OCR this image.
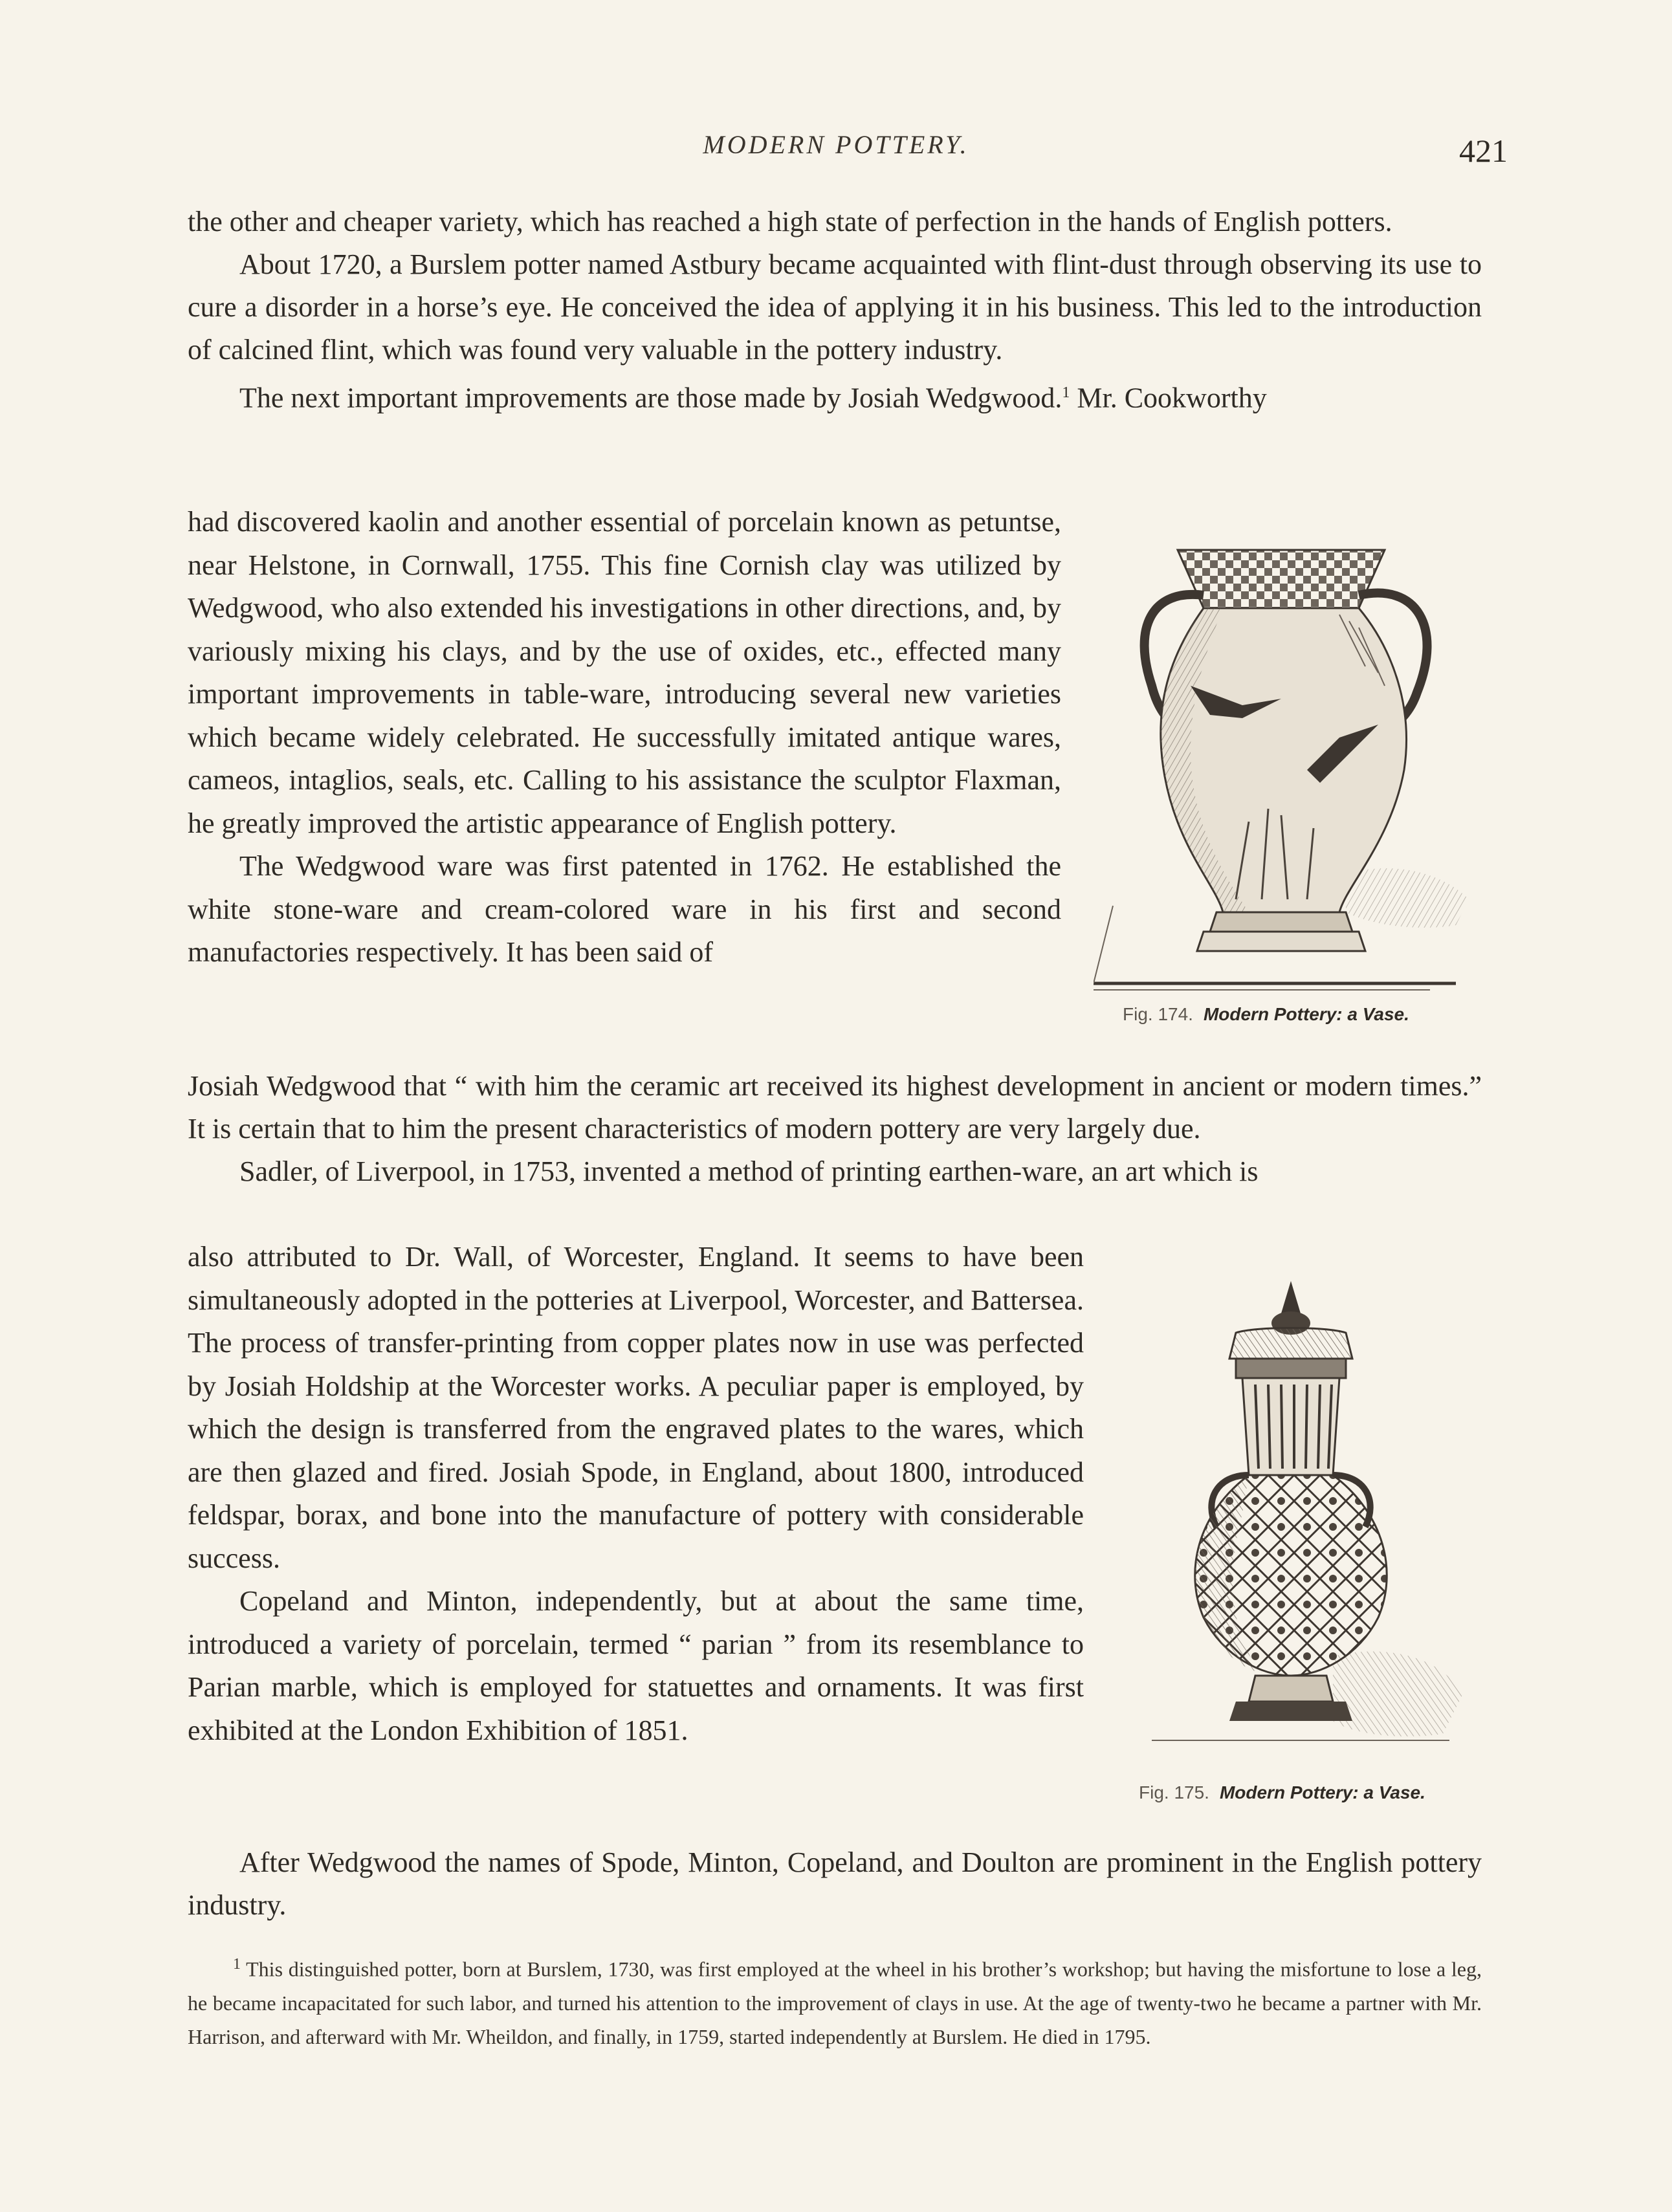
MODERN POTTERY.	421

the other and cheaper variety, which has reached a high state of perfection in the hands of English potters.

About 1720, a Burslem potter named Astbury became acquainted with flint-dust through observing its use to cure a disorder in a horse’s eye. He conceived the idea of applying it in his business. This led to the introduction of calcined flint, which was found very valuable in the pottery industry.

The next important improvements are those made by Josiah Wedgwood.$^1$ Mr. Cookworthy

had discovered kaolin and another essential of porcelain known as petuntse, near Helstone, in Cornwall, 1755. This fine Cornish clay was utilized by Wedgwood, who also extended his investigations in other directions, and, by variously mixing his clays, and by the use of oxides, etc., effected many important improvements in table-ware, introducing several new varieties which became widely celebrated. He successfully imitated antique wares, cameos, intaglios, seals, etc. Calling to his assistance the sculptor Flaxman, he greatly improved the artistic appearance of English pottery.

The Wedgwood ware was first patented in 1762. He established the white stone-ware and cream-colored ware in his first and second manufactories respectively. It has been said of

Josiah Wedgwood that “ with him the ceramic art received its highest development in ancient or modern times.” It is certain that to him the present characteristics of modern pottery are very largely due.

Sadler, of Liverpool, in 1753, invented a method of printing earthen-ware, an art which is

also attributed to Dr. Wall, of Worcester, England. It seems to have been simultaneously adopted in the potteries at Liverpool, Worcester, and Battersea. The process of transfer-printing from copper plates now in use was perfected by Josiah Holdship at the Worcester works. A peculiar paper is employed, by which the design is transferred from the engraved plates to the wares, which are then glazed and fired. Josiah Spode, in England, about 1800, introduced feldspar, borax, and bone into the manufacture of pottery with considerable success.

Copeland and Minton, independently, but at about the same time, introduced a variety of porcelain, termed “ parian ” from its resemblance to Parian marble, which is employed for statuettes and ornaments. It was first exhibited at the London Exhibition of 1851.

After Wedgwood the names of Spode, Minton, Copeland, and Doulton are prominent in the English pottery industry.

Fig. 174. Modern Pottery: a Vase.
Fig. 175. Modern Pottery: a Vase.

$^1$ This distinguished potter, born at Burslem, 1730, was first employed at the wheel in his brother’s workshop; but having the misfortune to lose a leg, he became incapacitated for such labor, and turned his attention to the improvement of clays in use. At the age of twenty-two he became a partner with Mr. Harrison, and afterward with Mr. Wheildon, and finally, in 1759, started independently at Burslem. He died in 1795.
